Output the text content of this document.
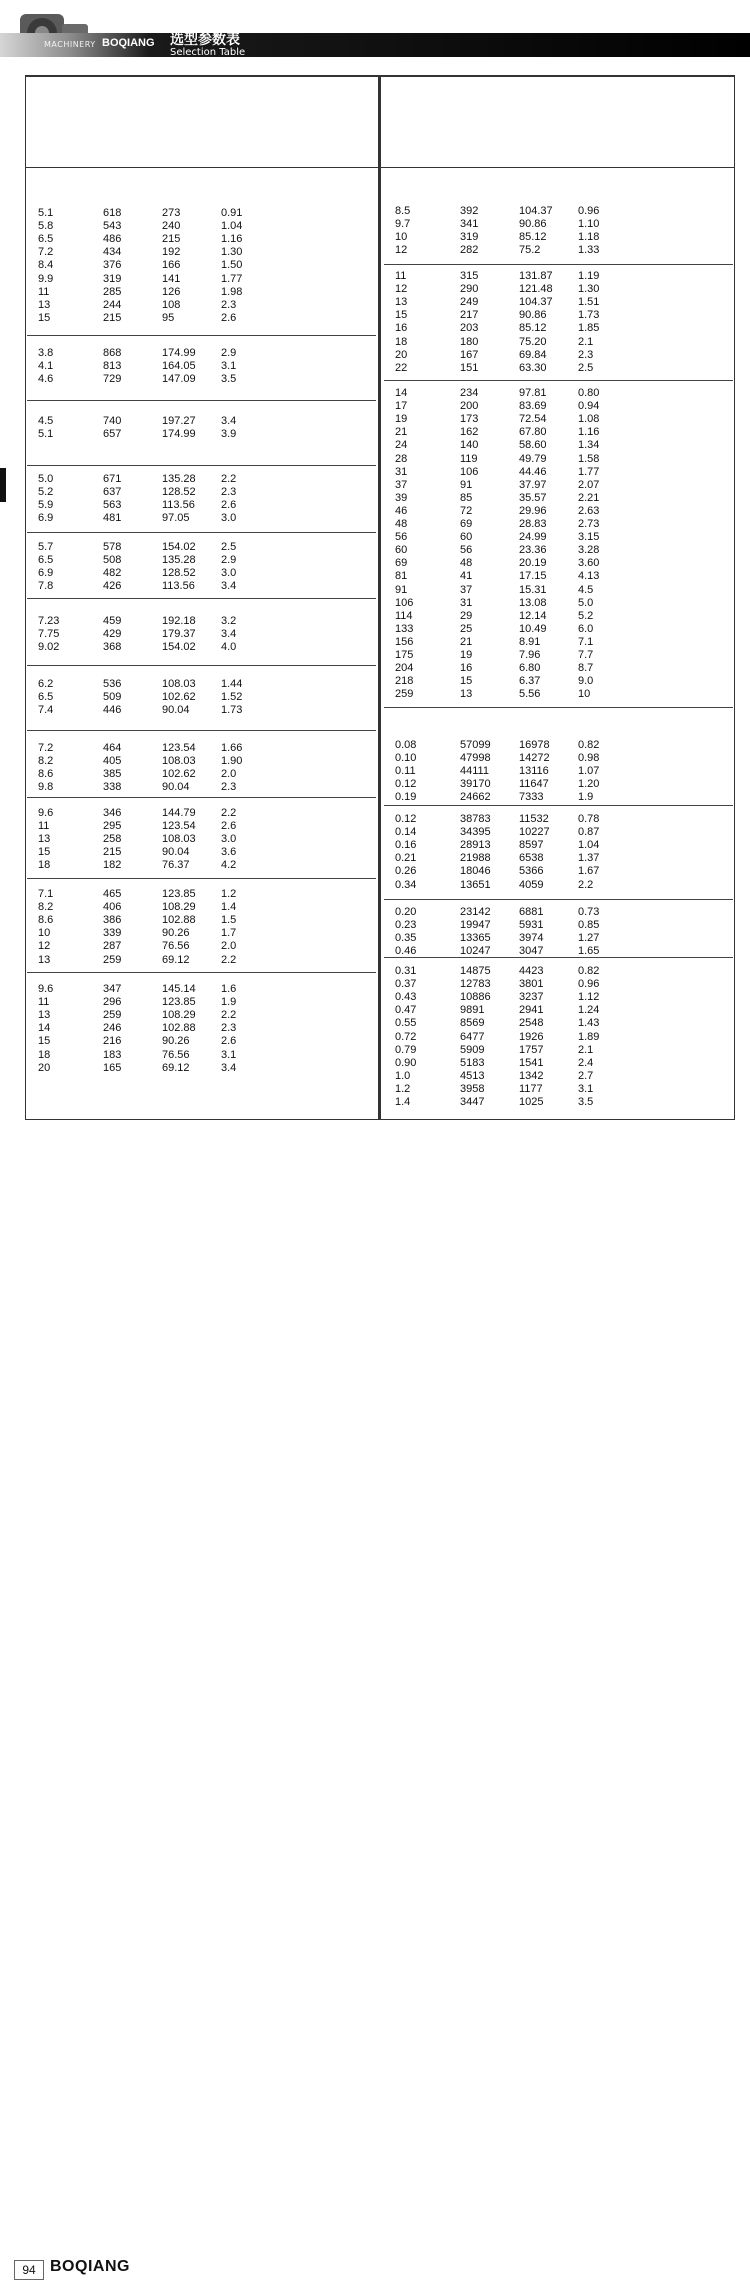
MACHINERY BOQIANG 选型参数表
Selection Table
5.1	618	273	0.91
5.8	543	240	1.04
6.5	486	215	1.16
7.2	434	192	1.30
8.4	376	166	1.50
9.9	319	141	1.77
11	285	126	1.98
13	244	108	2.3
15	215	95	2.6
3.8	868	174.99 2.9
4.1	813	164.05 3.1
4.6	729	147.09 3.5
4.5	740	197.27 3.4
5.1	657	174.99 3.9
5.0	671	135.28 2.2
5.2	637	128.52 2.3
5.9	563	113.56 2.6
6.9	481	97.05	3.0
5.7	578	154.02 2.5
6.5	508	135.28 2.9
6.9	482	128.52 3.0
7.8	426	113.56 3.4
7.23	459	192.18 3.2
7.75	429	179.37 3.4
9.02	368	154.02 4.0
6.2	536	108.03 1.44
6.5	509	102.62 1.52
7.4	446	90.04	1.73
7.2	464	123.54 1.66
8.2	405	108.03 1.90
8.6	385	102.62 2.0
9.8	338	90.04	2.3
9.6	346	144.79 2.2
11	295	123.54 2.6
13	258	108.03 3.0
15	215	90.04	3.6
18	182	76.37	4.2
7.1	465	123.85 1.2
8.2	406	108.29 1.4
8.6	386	102.88 1.5
10	339	90.26	1.7
12	287	76.56	2.0
13	259	69.12	2.2
9.6	347	145.14 1.6
11	296	123.85 1.9
13	259	108.29 2.2
14	246	102.88 2.3
15	216	90.26	2.6
18	183	76.56	3.1
20	165	69.12	3.4
8.5	392	104.37 0.96
9.7	341	90.86	1.10
10	319	85.12	1.18
12	282	75.2	1.33
11	315	131.87 1.19
12	290	121.48 1.30
13	249	104.37 1.51
15	217	90.86	1.73
16	203	85.12	1.85
18	180	75.20	2.1
20	167	69.84	2.3
22	151	63.30	2.5
14	234	97.81	0.80
17	200	83.69	0.94
19	173	72.54	1.08
21	162	67.80	1.16
24	140	58.60	1.34
28	119	49.79	1.58
31	106	44.46	1.77
37	91	37.97	2.07
39	85	35.57	2.21
46	72	29.96	2.63
48	69	28.83	2.73
56	60	24.99	3.15
60	56	23.36	3.28
69	48	20.19	3.60
81	41	17.15	4.13
91	37	15.31	4.5
106	31	13.08	5.0
114	29	12.14	5.2
133	25	10.49	6.0
156	21	8.91	7.1
175	19	7.96	7.7
204	16	6.80	8.7
218	15	6.37	9.0
259	13	5.56	10
0.08	57099	16978	0.82
0.10	47998	14272	0.98
0.11	44111	13116	1.07
0.12	39170	11647	1.20
0.19	24662	7333	1.9
0.12	38783	11532	0.78
0.14	34395	10227	0.87
0.16	28913	8597	1.04
0.21	21988	6538	1.37
0.26	18046	5366	1.67
0.34	13651	4059	2.2
0.20	23142	6881	0.73
0.23	19947	5931	0.85
0.35	13365	3974	1.27
0.46	10247	3047	1.65
0.31	14875	4423	0.82
0.37	12783	3801	0.96
0.43	10886	3237	1.12
0.47	9891	2941	1.24
0.55	8569	2548	1.43
0.72	6477	1926	1.89
0.79	5909	1757	2.1
0.90	5183	1541	2.4
1.0	4513	1342	2.7
1.2	3958	1177	3.1
1.4	3447	1025	3.5
94 BOQIANG
